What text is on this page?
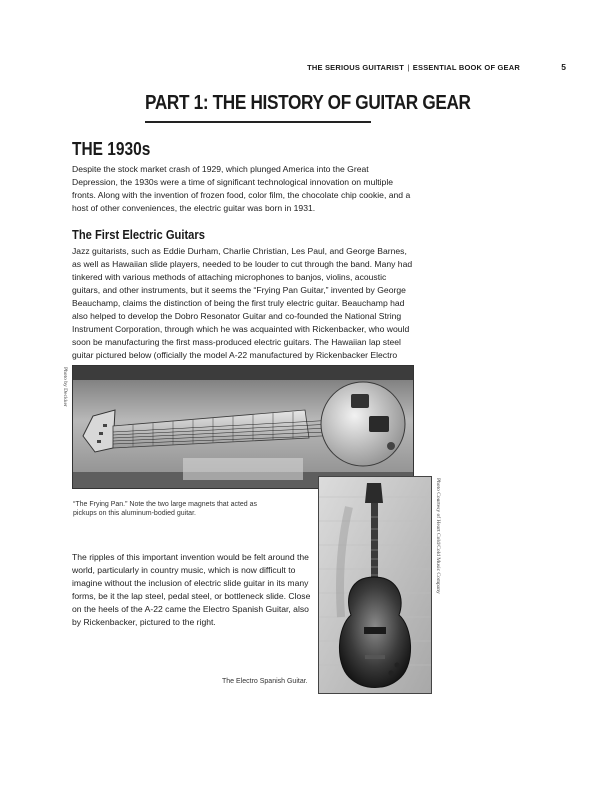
THE SERIOUS GUITARIST | ESSENTIAL BOOK OF GEAR	5
PART 1: THE HISTORY OF GUITAR GEAR
THE 1930s
Despite the stock market crash of 1929, which plunged America into the Great Depression, the 1930s were a time of significant technological innovation on multiple fronts. Along with the invention of frozen food, color film, the chocolate chip cookie, and a host of other conveniences, the electric guitar was born in 1931.
The First Electric Guitars
Jazz guitarists, such as Eddie Durham, Charlie Christian, Les Paul, and George Barnes, as well as Hawaiian slide players, needed to be louder to cut through the band. Many had tinkered with various methods of attaching microphones to banjos, violins, acoustic guitars, and other instruments, but it seems the “Frying Pan Guitar,” invented by George Beauchamp, claims the distinction of being the first truly electric guitar. Beauchamp had also helped to develop the Dobro Resonator Guitar and co-founded the National String Instrument Corporation, through which he was acquainted with Rickenbacker, who would soon be manufacturing the first mass-produced electric guitars. The Hawaiian lap steel guitar pictured below (officially the model A-22 manufactured by Rickenbacker Electro
Photo by Deckker
“The Frying Pan.” Note the two large magnets that acted as pickups on this aluminum-bodied guitar.	Photo Courtesy of Heart Cold/Cold Music Company
The ripples of this important invention would be felt around the world, particularly in country music, which is now difficult to imagine without the inclusion of electric slide guitar in its many forms, be it the lap steel, pedal steel, or bottleneck slide. Close on the heels of the A-22 came the Electro Spanish Guitar, also by Rickenbacker, pictured to the right.
The Electro Spanish Guitar.
